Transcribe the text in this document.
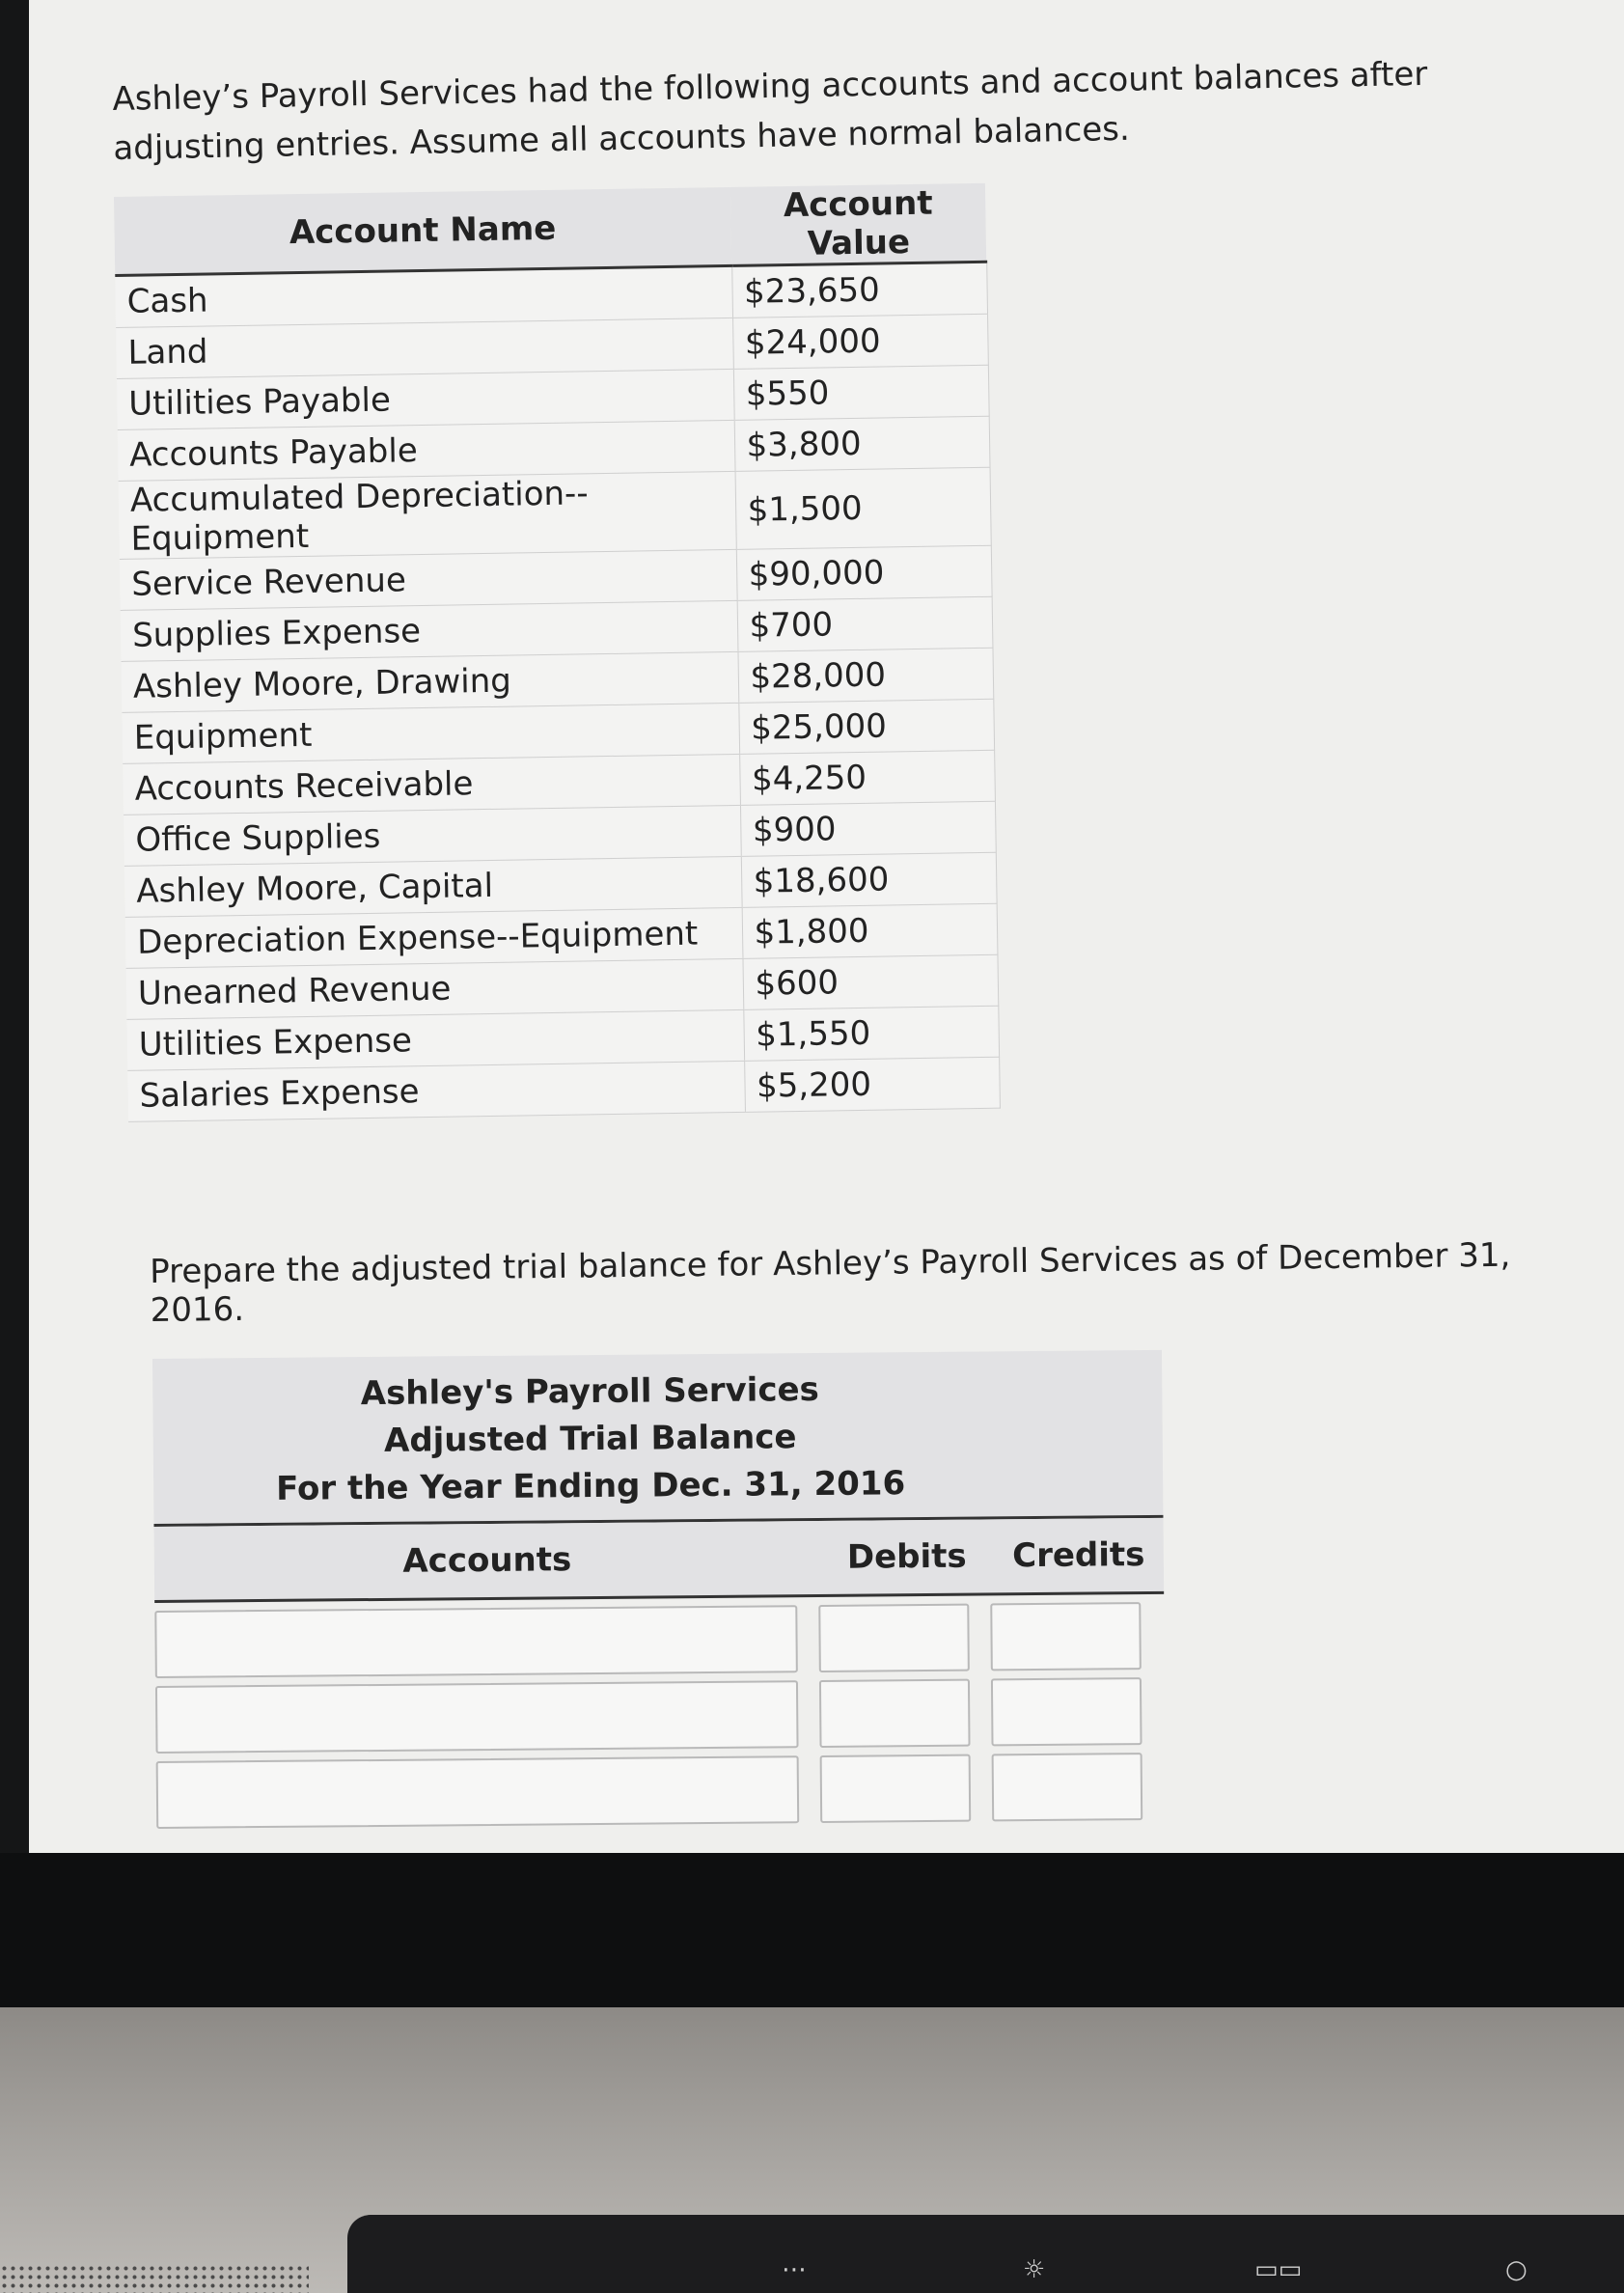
Ashley’s Payroll Services had the following accounts and account balances after adjusting entries. Assume all accounts have normal balances.

Account Name	Account Value
Cash	$23,650
Land	$24,000
Utilities Payable	$550
Accounts Payable	$3,800
Accumulated Depreciation--Equipment	$1,500
Service Revenue	$90,000
Supplies Expense	$700
Ashley Moore, Drawing	$28,000
Equipment	$25,000
Accounts Receivable	$4,250
Office Supplies	$900
Ashley Moore, Capital	$18,600
Depreciation Expense--Equipment	$1,800
Unearned Revenue	$600
Utilities Expense	$1,550
Salaries Expense	$5,200

Prepare the adjusted trial balance for Ashley’s Payroll Services as of December 31, 2016.

Ashley's Payroll Services
Adjusted Trial Balance
For the Year Ending Dec. 31, 2016
Accounts	Debits	Credits
⋯	☼	▭▭	○
